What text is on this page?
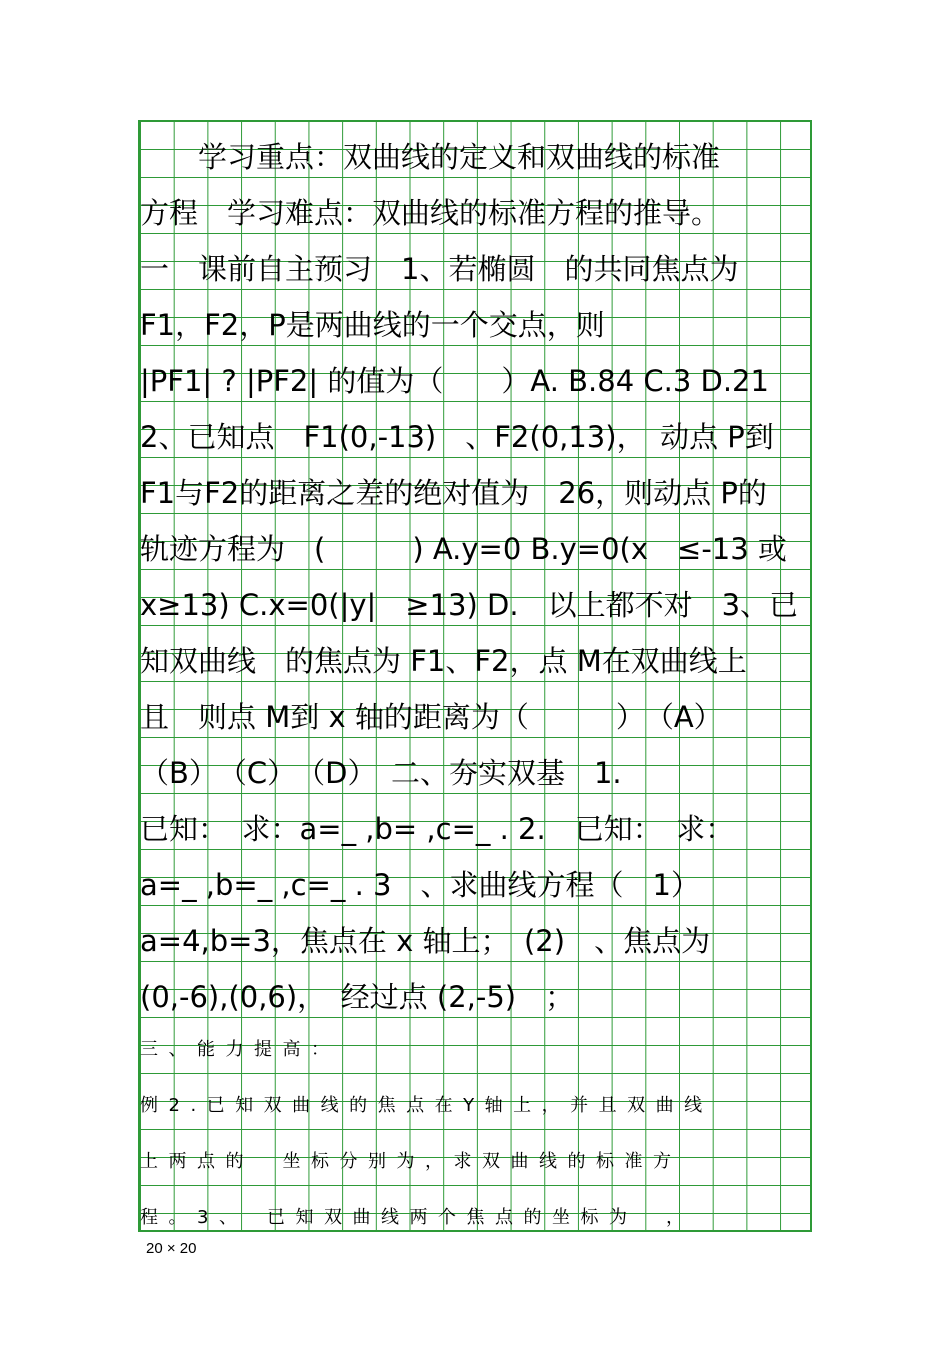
　　学习重点：双曲线的定义和双曲线的标准
方程　学习难点：双曲线的标准方程的推导。
一　课前自主预习　1、若椭圆　的共同焦点为
F1，F2，P是两曲线的一个交点，则
|PF1| ? |PF2| 的值为（　　）A. B.84 C.3 D.21
2、已知点　F1(0,-13)　、F2(0,13)，　动点 P到
F1与F2的距离之差的绝对值为　26，则动点 P的
轨迹方程为　(　　　) A.y=0 B.y=0(x　≤-13 或
x≥13) C.x=0(|y|　≥13) D.　以上都不对　3、已
知双曲线　的焦点为 F1、F2，点 M在双曲线上
且　则点 M到 x 轴的距离为（　　　）　（A）
（B）　（C）　（D）　二、夯实双基　1.
已知：　求：a=_ ,b= ,c=_ . 2.　已知：　求：
a=_ ,b=_ ,c=_ . 3　、求曲线方程（　1）
a=4,b=3，焦点在 x 轴上；　(2)　、焦点为
(0,-6),(0,6)，　经过点 (2,-5)　；
三、能力提高：
例2.已知双曲线的焦点在Y轴上，并且双曲线
上两点的　坐标分别为，求双曲线的标准方
程。3、　已知双曲线两个焦点的坐标为　，
20 × 20
